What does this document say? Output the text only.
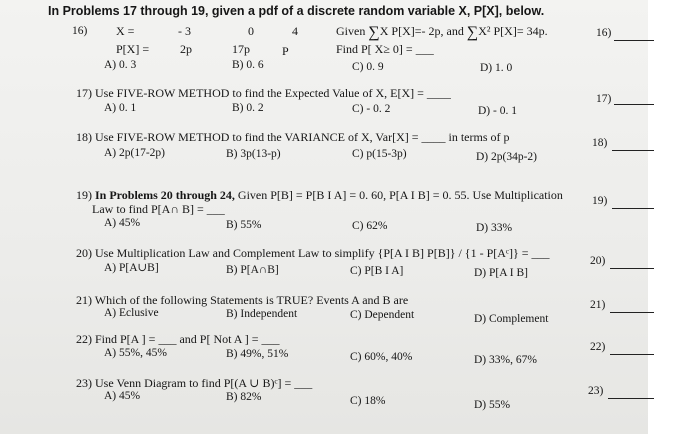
In Problems 17 through 19, given a pdf of a discrete random variable X, P[X], below.
16) X =	- 3	0	4	Given ∑X P[X]=- 2p, and ∑X² P[X]= 34p.	16)
P[X] =	2p	17p	P	Find P[ X≥ 0] = ___
A) 0. 3	B) 0. 6	C) 0. 9	D) 1. 0
17) Use FIVE-ROW METHOD to find the Expected Value of X, E[X] = ____	17)
A) 0. 1	B) 0. 2	C) - 0. 2	D) - 0. 1
18) Use FIVE-ROW METHOD to find the VARIANCE of X, Var[X] = ____ in terms of p	18)
A) 2p(17-2p)	B) 3p(13-p)	C) p(15-3p)	D) 2p(34p-2)
19) In Problems 20 through 24, Given P[B] = P[B I A] = 0. 60, P[A I B] = 0. 55. Use Multiplication
Law to find P[A∩ B] = ___
19)
A) 45%	B) 55%	C) 62%	D) 33%
20) Use Multiplication Law and Complement Law to simplify {P[A I B] P[B]} / {1 - P[Aᶜ]} = ___
20)
A) P[A∪B]	B) P[A∩B]	C) P[B I A]	D) P[A I B]
21) Which of the following Statements is TRUE? Events A and B are	21)
A) Eclusive	B) Independent	C) Dependent	D) Complement
22) Find P[A ] = ___ and P[ Not A ] = ___
22)
A) 55%, 45%	B) 49%, 51%	C) 60%, 40%	D) 33%, 67%
23) Use Venn Diagram to find P[(A ∪ B)ᶜ] = ___
23)
A) 45%	B) 82%	C) 18%	D) 55%
